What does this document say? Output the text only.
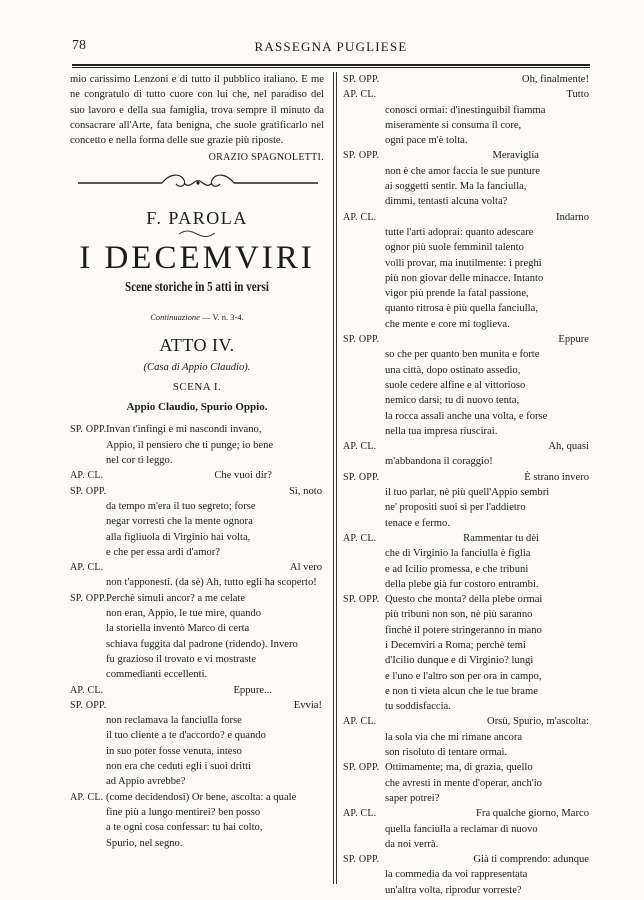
78	RASSEGNA PUGLIESE
mio carissimo Lenzoni e di tutto il pubblico italiano. E me
ne congratulo di tutto cuore con lui che, nel paradiso del
suo lavoro e della sua famiglia, trova sempre il minuto da
consacrare all'Arte, fata benigna, che suole gratificarlo nel
concetto e nella forma delle sue grazie più riposte.
ORAZIO SPAGNOLETTI.
F. PAROLA
I DECEMVIRI
Scene storiche in 5 atti in versi
Continuazione — V. n. 3-4.
ATTO IV.
(Casa di Appio Claudio).
SCENA I.
Appio Claudio, Spurio Oppio.
SP. OPP. Invan t'infingi e mi nascondi invano,
Appio, il pensiero che ti punge; io bene
nel cor ti leggo.
AP. CL.	Che vuoi dir?
SP. OPP.	Sì, noto
da tempo m'era il tuo segreto; forse
negar vorresti che la mente ognora
alla figliuola di Virginio hai volta,
e che per essa ardi d'amor?
AP. CL.	Al vero
non t'apponesti. (da sè) Ah, tutto egli ha scoperto!
SP. OPP. Perchè simuli ancor? a me celate
non eran, Appio, le tue mire, quando
la storiella inventò Marco di certa
schiava fuggita dal padrone (ridendo). Invero
fu grazioso il trovato e vi mostraste
commedianti eccellenti.
AP. CL.	Eppure...
SP. OPP.	Evvia!
non reclamava la fanciulla forse
il tuo cliente a te d'accordo? e quando
in suo poter fosse venuta, inteso
non era che ceduti egli i suoi dritti
ad Appio avrebbe?
AP. CL. (come decidendosi) Or bene, ascolta: a quale
fine più a lungo mentirei? ben posso
a te ogni cosa confessar: tu hai colto,
Spurio, nel segno.
SP. OPP.	Oh, finalmente!
AP. CL.	Tutto
conosci ormai: d'inestinguibil fiamma
miseramente si consuma il core,
ogni pace m'è tolta.
SP. OPP.	Meraviglia
non è che amor faccia le sue punture
ai soggetti sentir. Ma la fanciulla,
dimmi, tentasti alcuna volta?
AP. CL.	Indarno
tutte l'arti adoprai: quanto adescare
ognor più suole femminil talento
volli provar, ma inutilmente: i preghi
più non giovar delle minacce. Intanto
vigor più prende la fatal passione,
quanto ritrosa è più quella fanciulla,
che mente e core mi toglieva.
SP. OPP.	Eppure
so che per quanto ben munita e forte
una città, dopo ostinato assedio,
suole cedere alfine e al vittorioso
nemico darsi; tu di nuovo tenta,
la rocca assali anche una volta, e forse
nella tua impresa riuscirai.
AP. CL.	Ah, quasi
m'abbandona il coraggio!
SP. OPP.	È strano invero
il tuo parlar, nè più quell'Appio sembri
ne' propositi suoi sì per l'addietro
tenace e fermo.
AP. CL.	Rammentar tu dèi
che di Virginio la fanciulla è figlia
e ad Icilio promessa, e che tribuni
della plebe già fur costoro entrambi.
SP. OPP. Questo che monta? della plebe ormai
più tribuni non son, nè più saranno
finchè il potere stringeranno in mano
i Decemviri a Roma; perchè temi
d'Icilio dunque e di Virginio? lungi
e l'uno e l'altro son per ora in campo,
e non ti vieta alcun che le tue brame
tu soddisfaccia.
AP. CL.	Orsù, Spurio, m'ascolta:
la sola via che mi rimane ancora
son risoluto di tentare ormai.
SP. OPP. Ottimamente; ma, di grazia, quello
che avresti in mente d'operar, anch'io
saper potrei?
AP. CL.	Fra qualche giorno, Marco
quella fanciulla a reclamar di nuovo
da noi verrà.
SP. OPP.	Già ti comprendo: adunque
la commedia da voi rappresentata
un'altra volta, riprodur vorreste?
